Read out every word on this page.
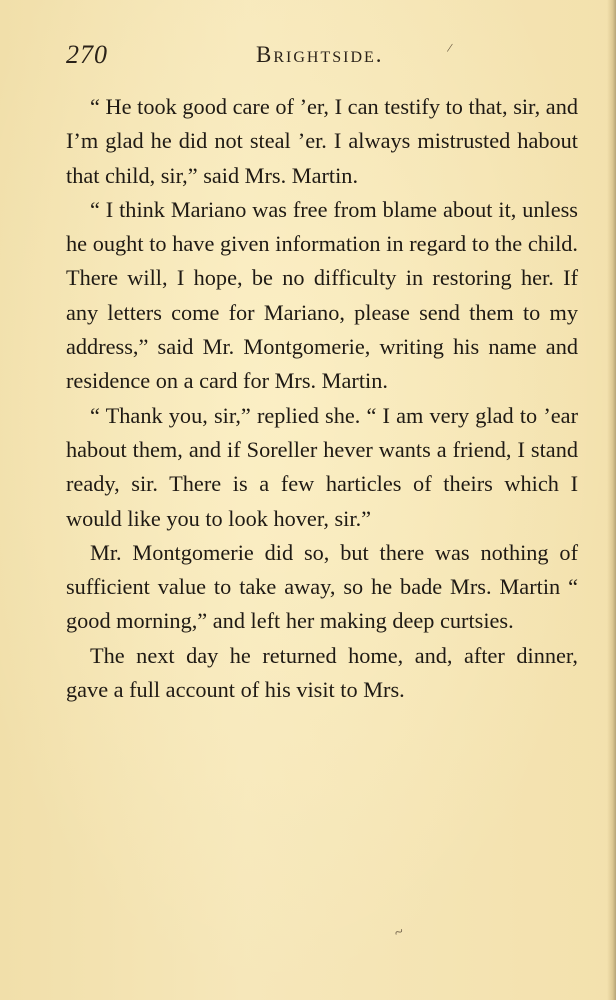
270	Brightside.	/

“ He took good care of ’er, I can testify to that, sir, and I’m glad he did not steal ’er. I always mistrusted habout that child, sir,” said Mrs. Martin.

“ I think Mariano was free from blame about it, unless he ought to have given information in regard to the child. There will, I hope, be no difficulty in restoring her. If any letters come for Mariano, please send them to my address,” said Mr. Montgomerie, writing his name and residence on a card for Mrs. Martin.

“ Thank you, sir,” replied she. “ I am very glad to ’ear habout them, and if Soreller hever wants a friend, I stand ready, sir. There is a few harticles of theirs which I would like you to look hover, sir.”

Mr. Montgomerie did so, but there was nothing of sufficient value to take away, so he bade Mrs. Martin “ good morning,” and left her making deep curtsies.

The next day he returned home, and, after dinner, gave a full account of his visit to Mrs.

~
